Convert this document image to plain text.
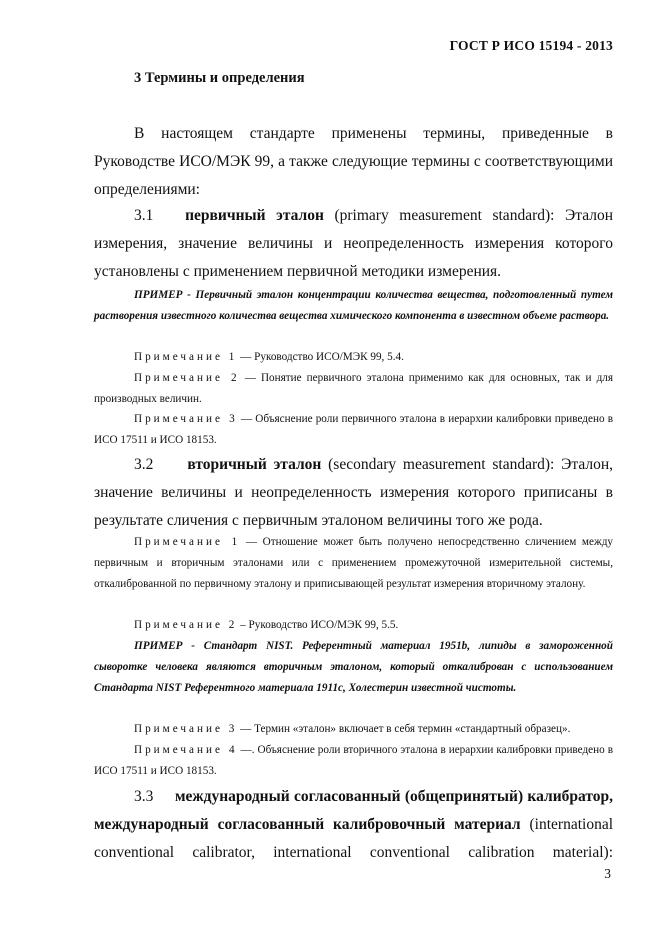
ГОСТ Р ИСО 15194 - 2013
3 Термины и определения

В настоящем стандарте применены термины, приведенные в Руководстве ИСО/МЭК 99, а также следующие термины с соответствующими определениями:

3.1 первичный эталон (primary measurement standard): Эталон измерения, значение величины и неопределенность измерения которого установлены с применением первичной методики измерения.

ПРИМЕР - Первичный эталон концентрации количества вещества, подготовленный путем растворения известного количества вещества химического компонента в известном объеме раствора.

Примечание 1 — Руководство ИСО/МЭК 99, 5.4.

Примечание 2 — Понятие первичного эталона применимо как для основных, так и для производных величин.

Примечание 3 — Объяснение роли первичного эталона в иерархии калибровки приведено в ИСО 17511 и ИСО 18153.

3.2 вторичный эталон (secondary measurement standard): Эталон, значение величины и неопределенность измерения которого приписаны в результате сличения с первичным эталоном величины того же рода.

Примечание 1 — Отношение может быть получено непосредственно сличением между первичным и вторичным эталонами или с применением промежуточной измерительной системы, откалиброванной по первичному эталону и приписывающей результат измерения вторичному эталону.

Примечание 2 – Руководство ИСО/МЭК 99, 5.5.

ПРИМЕР - Стандарт NIST. Референтный материал 1951b, липиды в замороженной сыворотке человека являются вторичным эталоном, который откалиброван с использованием Стандарта NIST Референтного материала 1911c, Холестерин известной чистоты.

Примечание 3 — Термин «эталон» включает в себя термин «стандартный образец».

Примечание 4 —. Объяснение роли вторичного эталона в иерархии калибровки приведено в ИСО 17511 и ИСО 18153.

3.3 международный согласованный (общепринятый) калибратор, международный согласованный калибровочный материал (international conventional calibrator, international conventional calibration material):

3
